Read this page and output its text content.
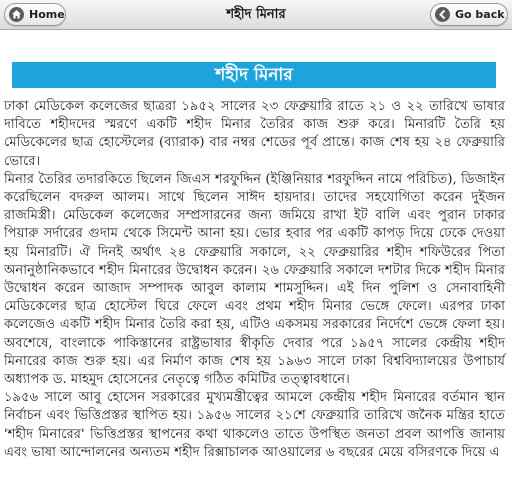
শহীদ মিনার
Home	Go back
শহীদ মিনার

ঢাকা মেডিকেল কলেজের ছাত্ররা ১৯৫২ সালের ২৩ ফেব্রুয়ারি রাতে ২১ ও ২২ তারিখে ভাষার দাবিতে শহীদদের স্মরণে একটি শহীদ মিনার তৈরির কাজ শুরু করে। মিনারটি তৈরি হয় মেডিকেলের ছাত্র হোস্টেলের (ব্যারাক) বার নম্বর শেডের পূর্ব প্রান্তে। কাজ শেষ হয় ২৪ ফেব্রুয়ারি ভোরে।

মিনার তৈরির তদারকিতে ছিলেন জিএস শরফুদ্দিন (ইঞ্জিনিয়ার শরফুদ্দিন নামে পরিচিত), ডিজাইন করেছিলেন বদরুল আলম। সাথে ছিলেন সাঈদ হায়দার। তাদের সহযোগিতা করেন দুইজন রাজমিস্ত্রী। মেডিকেল কলেজের সম্প্রসারনের জন্য জমিয়ে রাখা ইট বালি এবং পুরান ঢাকার পিয়ারু সর্দারের গুদাম থেকে সিমেন্ট আনা হয়। ভোর হবার পর একটি কাপড় দিয়ে ঢেকে দেওয়া হয় মিনারটি। ঐ দিনই অর্থাৎ ২৪ ফেব্রুয়ারি সকালে, ২২ ফেব্রুয়ারির শহীদ শফিউরের পিতা অনানুষ্ঠানিকভাবে শহীদ মিনারের উদ্বোধন করেন। ২৬ ফেব্রুয়ারি সকালে দশটার দিকে শহীদ মিনার উদ্বোধন করেন আজাদ সম্পাদক আবুল কালাম শামসুদ্দিন। এই দিন পুলিশ ও সেনাবাহিনী মেডিকেলের ছাত্র হোস্টেল ঘিরে ফেলে এবং প্রথম শহীদ মিনার ভেঙ্গে ফেলে। এরপর ঢাকা কলেজেও একটি শহীদ মিনার তৈরি করা হয়, এটিও একসময় সরকারের নির্দেশে ভেঙ্গে ফেলা হয়। অবশেষে, বাংলাকে পাকিস্তানের রাষ্ট্রভাষার স্বীকৃতি দেবার পরে ১৯৫৭ সালের কেন্দ্রীয় শহীদ মিনারের কাজ শুরু হয়। এর নির্মাণ কাজ শেষ হয় ১৯৬৩ সালে ঢাকা বিশ্ববিদ্যালয়ের উপাচার্য অধ্যাপক ড. মাহমুদ হোসেনের নেতৃত্বে গঠিত কমিটির তত্ত্বাবধানে।

১৯৫৬ সালে আবু হোসেন সরকারের মুখ্যমন্ত্রীত্বের আমলে কেন্দ্রীয় শহীদ মিনারের বর্তমান স্থান নির্বাচন এবং ভিত্তিপ্রস্তর স্থাপিত হয়। ১৯৫৬ সালের ২১শে ফেব্রুয়ারি তারিখে জনৈক মন্ত্রির হাতে 'শহীদ মিনারের' ভিত্তিপ্রস্তর স্থাপনের কথা থাকলেও তাতে উপস্থিত জনতা প্রবল আপত্তি জানায় এবং ভাষা আন্দোলনের অন্যতম শহীদ রিক্সাচালক আওয়ালের ৬ বছরের মেয়ে বসিরণকে দিয়ে এ
